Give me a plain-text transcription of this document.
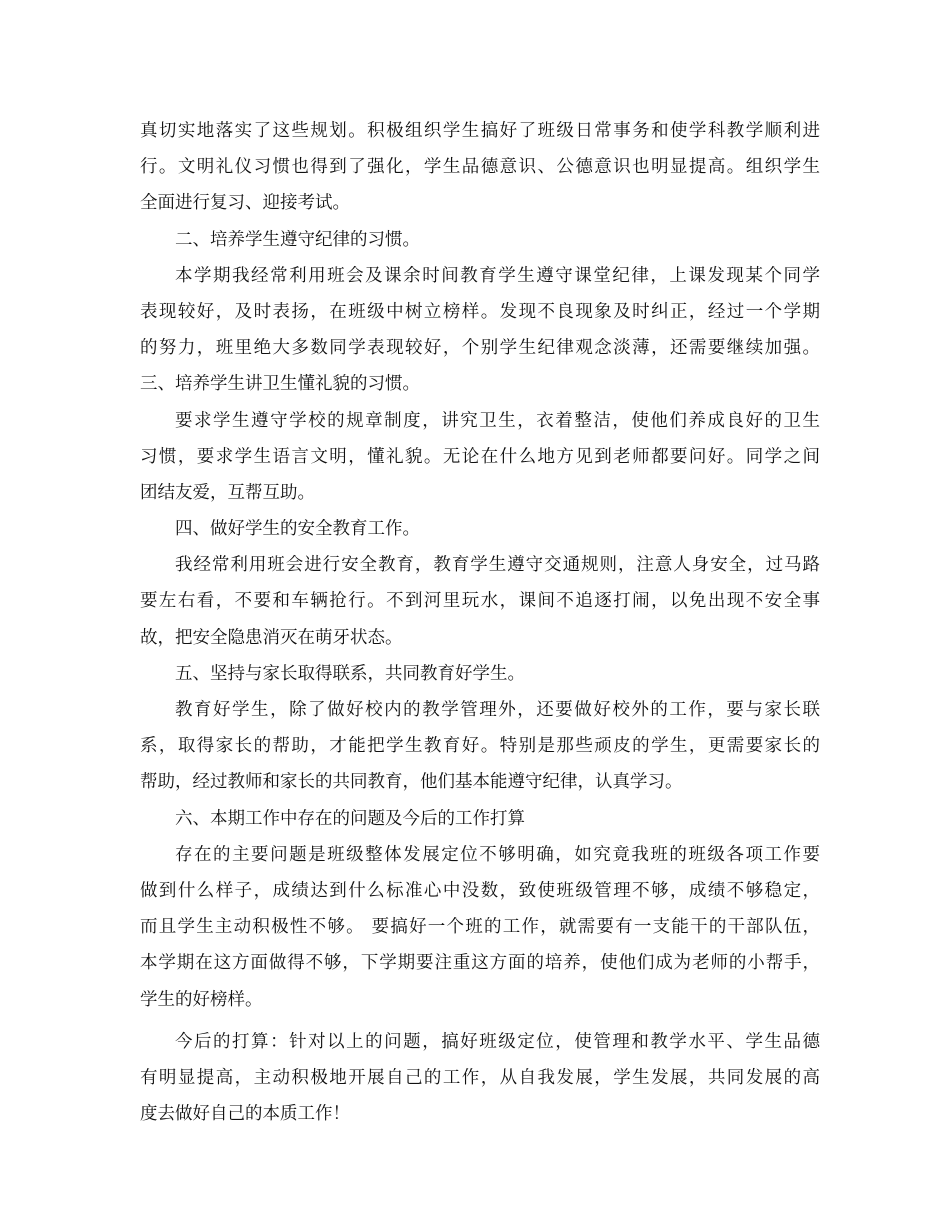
真切实地落实了这些规划。积极组织学生搞好了班级日常事务和使学科教学顺利进
行。文明礼仪习惯也得到了强化，学生品德意识、公德意识也明显提高。组织学生
全面进行复习、迎接考试。
二、培养学生遵守纪律的习惯。
本学期我经常利用班会及课余时间教育学生遵守课堂纪律，上课发现某个同学
表现较好，及时表扬，在班级中树立榜样。发现不良现象及时纠正，经过一个学期
的努力，班里绝大多数同学表现较好，个别学生纪律观念淡薄，还需要继续加强。
三、培养学生讲卫生懂礼貌的习惯。
要求学生遵守学校的规章制度，讲究卫生，衣着整洁，使他们养成良好的卫生
习惯，要求学生语言文明，懂礼貌。无论在什么地方见到老师都要问好。同学之间
团结友爱，互帮互助。
四、做好学生的安全教育工作。
我经常利用班会进行安全教育，教育学生遵守交通规则，注意人身安全，过马路
要左右看，不要和车辆抢行。不到河里玩水，课间不追逐打闹，以免出现不安全事
故，把安全隐患消灭在萌牙状态。
五、坚持与家长取得联系，共同教育好学生。
教育好学生，除了做好校内的教学管理外，还要做好校外的工作，要与家长联
系，取得家长的帮助，才能把学生教育好。特别是那些顽皮的学生，更需要家长的
帮助，经过教师和家长的共同教育，他们基本能遵守纪律，认真学习。
六、本期工作中存在的问题及今后的工作打算
存在的主要问题是班级整体发展定位不够明确，如究竟我班的班级各项工作要
做到什么样子，成绩达到什么标准心中没数，致使班级管理不够，成绩不够稳定，
而且学生主动积极性不够。 要搞好一个班的工作，就需要有一支能干的干部队伍，
本学期在这方面做得不够，下学期要注重这方面的培养，使他们成为老师的小帮手，
学生的好榜样。
今后的打算：针对以上的问题，搞好班级定位，使管理和教学水平、学生品德
有明显提高，主动积极地开展自己的工作，从自我发展，学生发展，共同发展的高
度去做好自己的本质工作！
